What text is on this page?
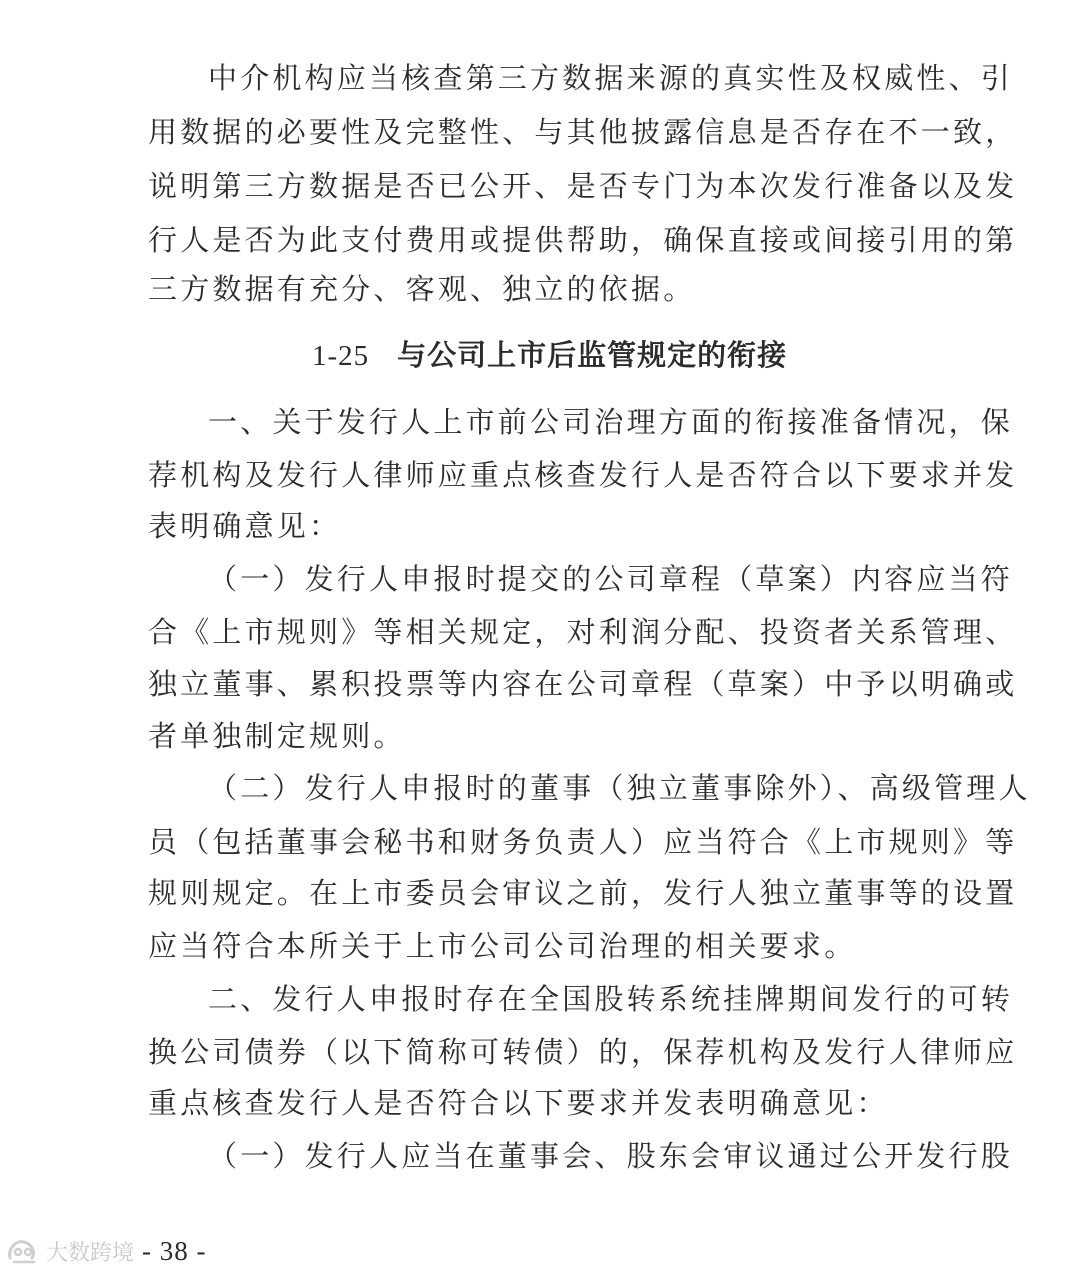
中介机构应当核查第三方数据来源的真实性及权威性、引
用数据的必要性及完整性、与其他披露信息是否存在不一致，
说明第三方数据是否已公开、是否专门为本次发行准备以及发
行人是否为此支付费用或提供帮助，确保直接或间接引用的第
三方数据有充分、客观、独立的依据。
1-25 与公司上市后监管规定的衔接
一、关于发行人上市前公司治理方面的衔接准备情况，保
荐机构及发行人律师应重点核查发行人是否符合以下要求并发
表明确意见：
（一）发行人申报时提交的公司章程（草案）内容应当符
合《上市规则》等相关规定，对利润分配、投资者关系管理、
独立董事、累积投票等内容在公司章程（草案）中予以明确或
者单独制定规则。
（二）发行人申报时的董事（独立董事除外）、高级管理人
员（包括董事会秘书和财务负责人）应当符合《上市规则》等
规则规定。在上市委员会审议之前，发行人独立董事等的设置
应当符合本所关于上市公司公司治理的相关要求。
二、发行人申报时存在全国股转系统挂牌期间发行的可转
换公司债券（以下简称可转债）的，保荐机构及发行人律师应
重点核查发行人是否符合以下要求并发表明确意见：
（一）发行人应当在董事会、股东会审议通过公开发行股
大数跨境 - 38 -
